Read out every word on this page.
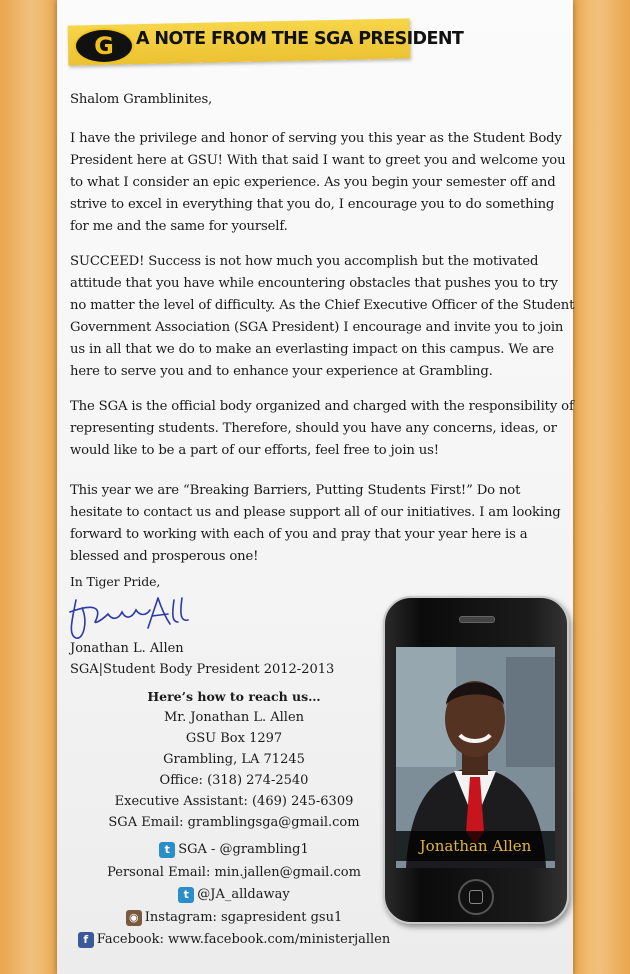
G A NOTE FROM THE SGA PRESIDENT
Shalom Gramblinites,

I have the privilege and honor of serving you this year as the Student Body President here at GSU! With that said I want to greet you and welcome you to what I consider an epic experience. As you begin your semester off and strive to excel in everything that you do, I encourage you to do something for me and the same for yourself.

SUCCEED! Success is not how much you accomplish but the motivated attitude that you have while encountering obstacles that pushes you to try no matter the level of difficulty. As the Chief Executive Officer of the Student Government Association (SGA President) I encourage and invite you to join us in all that we do to make an everlasting impact on this campus. We are here to serve you and to enhance your experience at Grambling.

The SGA is the official body organized and charged with the responsibility of representing students. Therefore, should you have any concerns, ideas, or would like to be a part of our efforts, feel free to join us!

This year we are “Breaking Barriers, Putting Students First!” Do not hesitate to contact us and please support all of our initiatives. I am looking forward to working with each of you and pray that your year here is a blessed and prosperous one!

In Tiger Pride,
Jonathan L. Allen
SGA|Student Body President 2012-2013
Here’s how to reach us…
Mr. Jonathan L. Allen
GSU Box 1297
Grambling, LA 71245
Office: (318) 274-2540
Executive Assistant: (469) 245-6309
SGA Email: gramblingsga@gmail.com
t SGA - @grambling1
Personal Email: min.jallen@gmail.com
t @JA_alldaway
◉ Instagram: sgapresident gsu1
f Facebook: www.facebook.com/ministerjallen
Jonathan Allen
